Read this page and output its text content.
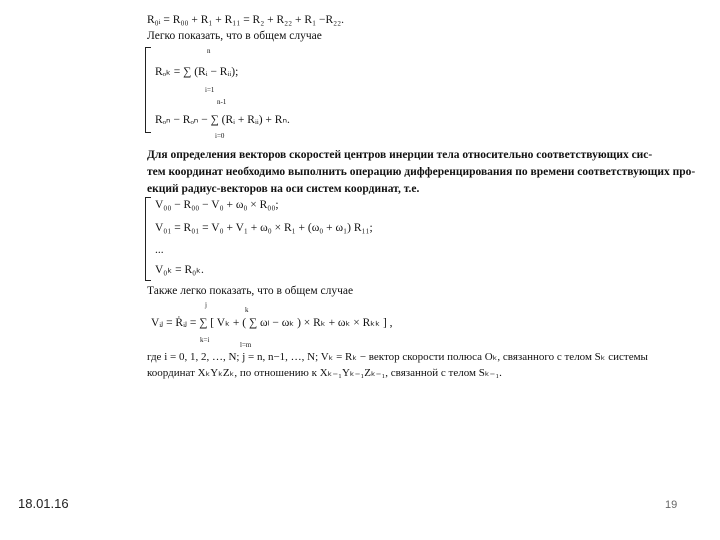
R₀ᵢ = R₀₀ + R₁ + R₁₁ = R₂ + R₂₂ + R₁ −R₂₂.
Легко показать, что в общем случае
n
Rₒₖ = ∑ (Rᵢ − Rᵢᵢ);
i=1
n-1
Rₒₙ − Rₒₙ − ∑ (Rᵢ + Rᵢᵢ) + Rₙ.
i=0
Для определения векторов скоростей центров инерции тела относительно соответствующих сис-
тем координат необходимо выполнить операцию дифференцирования по времени соответствующих про-
екций радиус-векторов на оси систем координат, т.е.
V₀₀ − R₀₀ − V₀ + ω₀ × R₀₀;
V₀₁ = R₀₁ = V₀ + V₁ + ω₀ × R₁ + (ω₀ + ω₁) R₁₁;
...
V₀ₖ = R₀ₖ.
Также легко показать, что в общем случае
j
k
Vᵢⱼ = Ṙᵢⱼ = ∑ [ Vₖ + ( ∑ ωₗ − ωₖ ) × Rₖ + ωₖ × Rₖₖ ] ,
k=i
l=m
где i = 0, 1, 2, …, N; j = n, n−1, …, N; Vₖ = Rₖ − вектор скорости полюса Oₖ, связанного с телом Sₖ системы
координат XₖYₖZₖ, по отношению к Xₖ₋₁Yₖ₋₁Zₖ₋₁, связанной с телом Sₖ₋₁.
18.01.16	19
